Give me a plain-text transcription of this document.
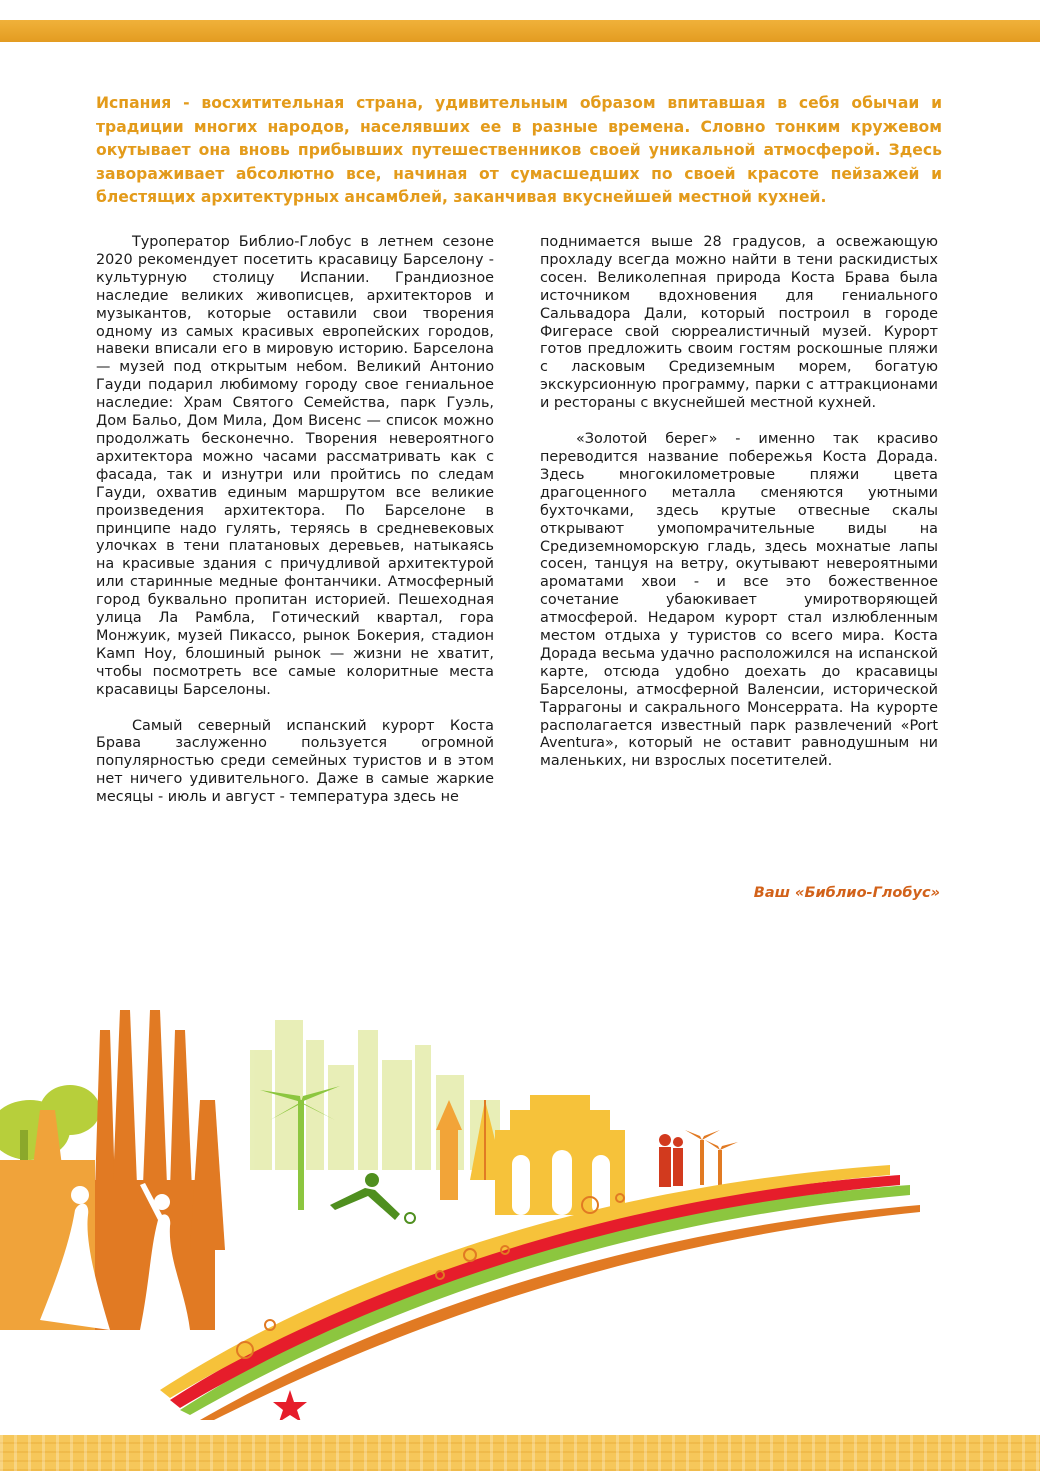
Испания - восхитительная страна, удивительным образом впитавшая в себя обычаи и традиции многих народов, населявших ее в разные времена. Словно тонким кружевом окутывает она вновь прибывших путешественников своей уникальной атмосферой. Здесь завораживает абсолютно все, начиная от сумасшедших по своей красоте пейзажей и блестящих архитектурных ансамблей, заканчивая вкуснейшей местной кухней.

Туроператор Библио-Глобус в летнем сезоне 2020 рекомендует посетить красавицу Барселону - культурную столицу Испании. Грандиозное наследие великих живописцев, архитекторов и музыкантов, которые оставили свои творения одному из самых красивых европейских городов, навеки вписали его в мировую историю. Барселона — музей под открытым небом. Великий Антонио Гауди подарил любимому городу свое гениальное наследие: Храм Святого Семейства, парк Гуэль, Дом Бальо, Дом Мила, Дом Висенс — список можно продолжать бесконечно. Творения невероятного архитектора можно часами рассматривать как с фасада, так и изнутри или пройтись по следам Гауди, охватив единым маршрутом все великие произведения архитектора. По Барселоне в принципе надо гулять, теряясь в средневековых улочках в тени платановых деревьев, натыкаясь на красивые здания с причудливой архитектурой или старинные медные фонтанчики. Атмосферный город буквально пропитан историей. Пешеходная улица Ла Рамбла, Готический квартал, гора Монжуик, музей Пикассо, рынок Бокерия, стадион Камп Ноу, блошиный рынок — жизни не хватит, чтобы посмотреть все самые колоритные места красавицы Барселоны.

Самый северный испанский курорт Коста Брава заслуженно пользуется огромной популярностью среди семейных туристов и в этом нет ничего удивительного. Даже в самые жаркие месяцы - июль и август - температура здесь не

поднимается выше 28 градусов, а освежающую прохладу всегда можно найти в тени раскидистых сосен. Великолепная природа Коста Брава была источником вдохновения для гениального Сальвадора Дали, который построил в городе Фигерасе свой сюрреалистичный музей. Курорт готов предложить своим гостям роскошные пляжи с ласковым Средиземным морем, богатую экскурсионную программу, парки с аттракционами и рестораны с вкуснейшей местной кухней.

«Золотой берег» - именно так красиво переводится название побережья Коста Дорада. Здесь многокилометровые пляжи цвета драгоценного металла сменяются уютными бухточками, здесь крутые отвесные скалы открывают умопомрачительные виды на Средиземноморскую гладь, здесь мохнатые лапы сосен, танцуя на ветру, окутывают невероятными ароматами хвои - и все это божественное сочетание убаюкивает умиротворяющей атмосферой. Недаром курорт стал излюбленным местом отдыха у туристов со всего мира. Коста Дорада весьма удачно расположился на испанской карте, отсюда удобно доехать до красавицы Барселоны, атмосферной Валенсии, исторической Таррагоны и сакрального Монсеррата. На курорте располагается известный парк развлечений «Port Aventura», который не оставит равнодушным ни маленьких, ни взрослых посетителей.

Ваш «Библио-Глобус»
